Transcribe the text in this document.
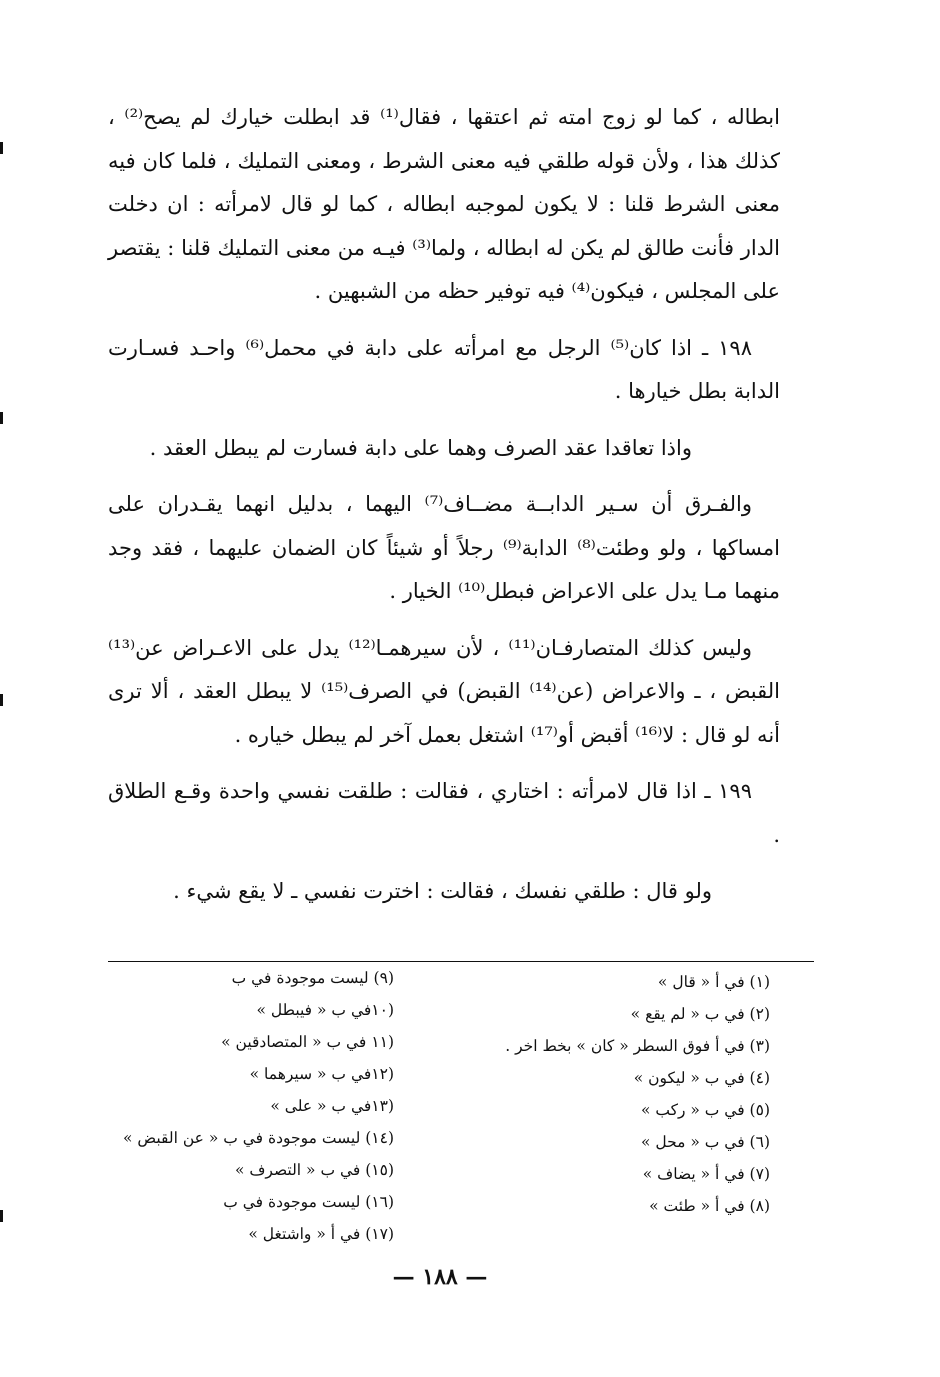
ابطاله ، كما لو زوج امته ثم اعتقها ، فقال⁽¹⁾ قد ابطلت خيارك لم يصح⁽²⁾ ، كذلك هذا ، ولأن قوله طلقي فيه معنى الشرط ، ومعنى التمليك ، فلما كان فيه معنى الشرط قلنا : لا يكون لموجبه ابطاله ، كما لو قال لامرأته : ان دخلت الدار فأنت طالق لم يكن له ابطاله ، ولما⁽³⁾ فيـه من معنى التمليك قلنا : يقتصر على المجلس ، فيكون⁽⁴⁾ فيه توفير حظه من الشبهين .

١٩٨ ـ اذا كان⁽⁵⁾ الرجل مع امرأته على دابة في محمل⁽⁶⁾ واحـد فسـارت الدابة بطل خيارها .

واذا تعاقدا عقد الصرف وهما على دابة فسارت لم يبطل العقد .

والفـرق أن سـير الدابــة مضــاف⁽⁷⁾ اليهما ، بدليل انهما يقـدران على امساكها ، ولو وطئت⁽⁸⁾ الدابة⁽⁹⁾ رجلاً أو شيئاً كان الضمان عليهما ، فقد وجد منهما مـا يدل على الاعراض فبطل⁽¹⁰⁾ الخيار .

وليس كذلك المتصارفـان⁽¹¹⁾ ، لأن سيرهمـا⁽¹²⁾ يدل على الاعـراض عن⁽¹³⁾ القبض ، ـ والاعراض (عن⁽¹⁴⁾ القبض) في الصرف⁽¹⁵⁾ لا يبطل العقد ، ألا ترى أنه لو قال : لا⁽¹⁶⁾ أقبض أو⁽¹⁷⁾ اشتغل بعمل آخر لم يبطل خياره .

١٩٩ ـ اذا قال لامرأته : اختاري ، فقالت : طلقت نفسي واحدة وقـع الطلاق .

ولو قال : طلقي نفسك ، فقالت : اخترت نفسي ـ لا يقع شيء .

(١) في أ « قال »
(٢) في ب « لم يقع »
(٣) في أ فوق السطر « كان » بخط اخر .
(٤) في ب « ليكون »
(٥) في ب « ركب »
(٦) في ب « محل »
(٧) في أ « يضاف »
(٨) في أ « طئت »
(٩) ليست موجودة في ب
(١٠في ب « فيبطل »
(١١ في ب « المتصادقين »
(١٢في ب « سيرهما »
(١٣في ب « على »
(١٤) ليست موجودة في ب « عن القبض »
(١٥) في ب « التصرف »
(١٦) ليست موجودة في ب
(١٧) في أ « واشتغل »
— ١٨٨ —
